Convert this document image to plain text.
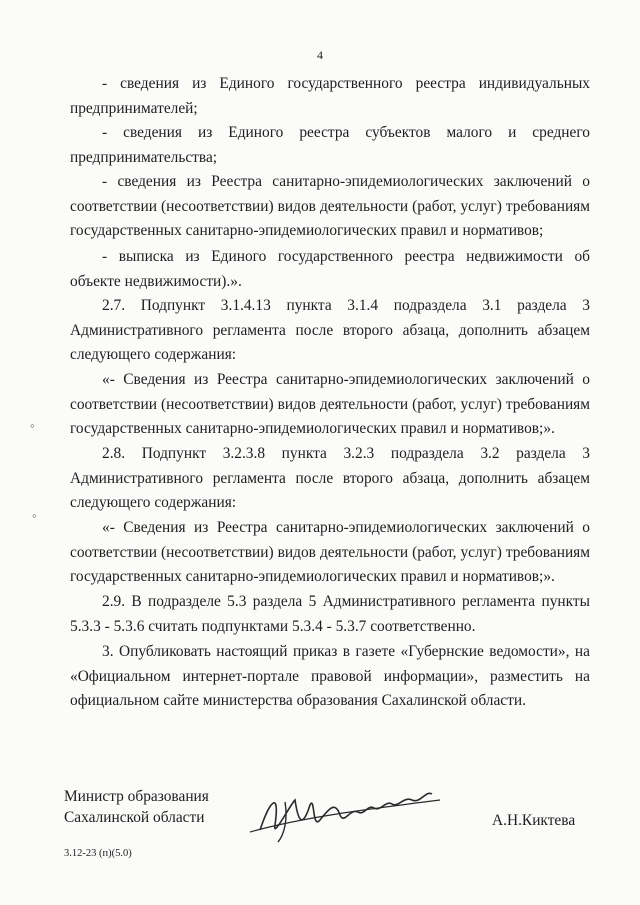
4

- сведения из Единого государственного реестра индивидуальных предпринимателей;

- сведения из Единого реестра субъектов малого и среднего предпринимательства;

- сведения из Реестра санитарно-эпидемиологических заключений о соответствии (несоответствии) видов деятельности (работ, услуг) требованиям государственных санитарно-эпидемиологических правил и нормативов;

- выписка из Единого государственного реестра недвижимости об объекте недвижимости).».

2.7. Подпункт 3.1.4.13 пункта 3.1.4 подраздела 3.1 раздела 3 Административного регламента после второго абзаца, дополнить абзацем следующего содержания:

«- Сведения из Реестра санитарно-эпидемиологических заключений о соответствии (несоответствии) видов деятельности (работ, услуг) требованиям государственных санитарно-эпидемиологических правил и нормативов;».

2.8. Подпункт 3.2.3.8 пункта 3.2.3 подраздела 3.2 раздела 3 Административного регламента после второго абзаца, дополнить абзацем следующего содержания:

«- Сведения из Реестра санитарно-эпидемиологических заключений о соответствии (несоответствии) видов деятельности (работ, услуг) требованиям государственных санитарно-эпидемиологических правил и нормативов;».

2.9. В подразделе 5.3 раздела 5 Административного регламента пункты 5.3.3 - 5.3.6 считать подпунктами 5.3.4 - 5.3.7 соответственно.

3. Опубликовать настоящий приказ в газете «Губернские ведомости», на «Официальном интернет-портале правовой информации», разместить на официальном сайте министерства образования Сахалинской области.

◦
◦
Министр образования
Сахалинской области	А.Н.Киктева
3.12-23 (п)(5.0)
